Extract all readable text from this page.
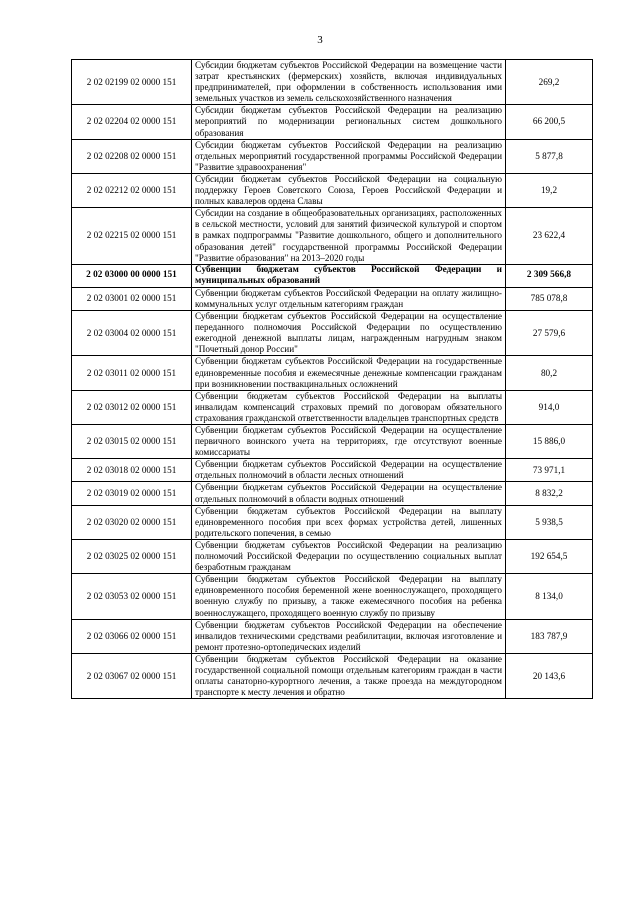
3
2 02 02199 02 0000 151	Субсидии бюджетам субъектов Российской Федерации на возмещение части затрат крестьянских (фермерских) хозяйств, включая индивидуальных предпринимателей, при оформлении в собственность использования ими земельных участков из земель сельскохозяйственного назначения	269,2
2 02 02204 02 0000 151	Субсидии бюджетам субъектов Российской Федерации на реализацию мероприятий по модернизации региональных систем дошкольного образования	66 200,5
2 02 02208 02 0000 151	Субсидии бюджетам субъектов Российской Федерации на реализацию отдельных мероприятий государственной программы Российской Федерации "Развитие здравоохранения"	5 877,8
2 02 02212 02 0000 151	Субсидии бюджетам субъектов Российской Федерации на социальную поддержку Героев Советского Союза, Героев Российской Федерации и полных кавалеров ордена Славы	19,2
2 02 02215 02 0000 151	Субсидии на создание в общеобразовательных организациях, расположенных в сельской местности, условий для занятий физической культурой и спортом в рамках подпрограммы "Развитие дошкольного, общего и дополнительного образования детей" государственной программы Российской Федерации "Развитие образования" на 2013–2020 годы	23 622,4
2 02 03000 00 0000 151	Субвенции бюджетам субъектов Российской Федерации и муниципальных образований	2 309 566,8
2 02 03001 02 0000 151	Субвенции бюджетам субъектов Российской Федерации на оплату жилищно-коммунальных услуг отдельным категориям граждан	785 078,8
2 02 03004 02 0000 151	Субвенции бюджетам субъектов Российской Федерации на осуществление переданного полномочия Российской Федерации по осуществлению ежегодной денежной выплаты лицам, награжденным нагрудным знаком "Почетный донор России"	27 579,6
2 02 03011 02 0000 151	Субвенции бюджетам субъектов Российской Федерации на государственные единовременные пособия и ежемесячные денежные компенсации гражданам при возникновении поствакцинальных осложнений	80,2
2 02 03012 02 0000 151	Субвенции бюджетам субъектов Российской Федерации на выплаты инвалидам компенсаций страховых премий по договорам обязательного страхования гражданской ответственности владельцев транспортных средств	914,0
2 02 03015 02 0000 151	Субвенции бюджетам субъектов Российской Федерации на осуществление первичного воинского учета на территориях, где отсутствуют военные комиссариаты	15 886,0
2 02 03018 02 0000 151	Субвенции бюджетам субъектов Российской Федерации на осуществление отдельных полномочий в области лесных отношений	73 971,1
2 02 03019 02 0000 151	Субвенции бюджетам субъектов Российской Федерации на осуществление отдельных полномочий в области водных отношений	8 832,2
2 02 03020 02 0000 151	Субвенции бюджетам субъектов Российской Федерации на выплату единовременного пособия при всех формах устройства детей, лишенных родительского попечения, в семью	5 938,5
2 02 03025 02 0000 151	Субвенции бюджетам субъектов Российской Федерации на реализацию полномочий Российской Федерации по осуществлению социальных выплат безработным гражданам	192 654,5
2 02 03053 02 0000 151	Субвенции бюджетам субъектов Российской Федерации на выплату единовременного пособия беременной жене военнослужащего, проходящего военную службу по призыву, а также ежемесячного пособия на ребенка военнослужащего, проходящего военную службу по призыву	8 134,0
2 02 03066 02 0000 151	Субвенции бюджетам субъектов Российской Федерации на обеспечение инвалидов техническими средствами реабилитации, включая изготовление и ремонт протезно-ортопедических изделий	183 787,9
2 02 03067 02 0000 151	Субвенции бюджетам субъектов Российской Федерации на оказание государственной социальной помощи отдельным категориям граждан в части оплаты санаторно-курортного лечения, а также проезда на междугородном транспорте к месту лечения и обратно	20 143,6
